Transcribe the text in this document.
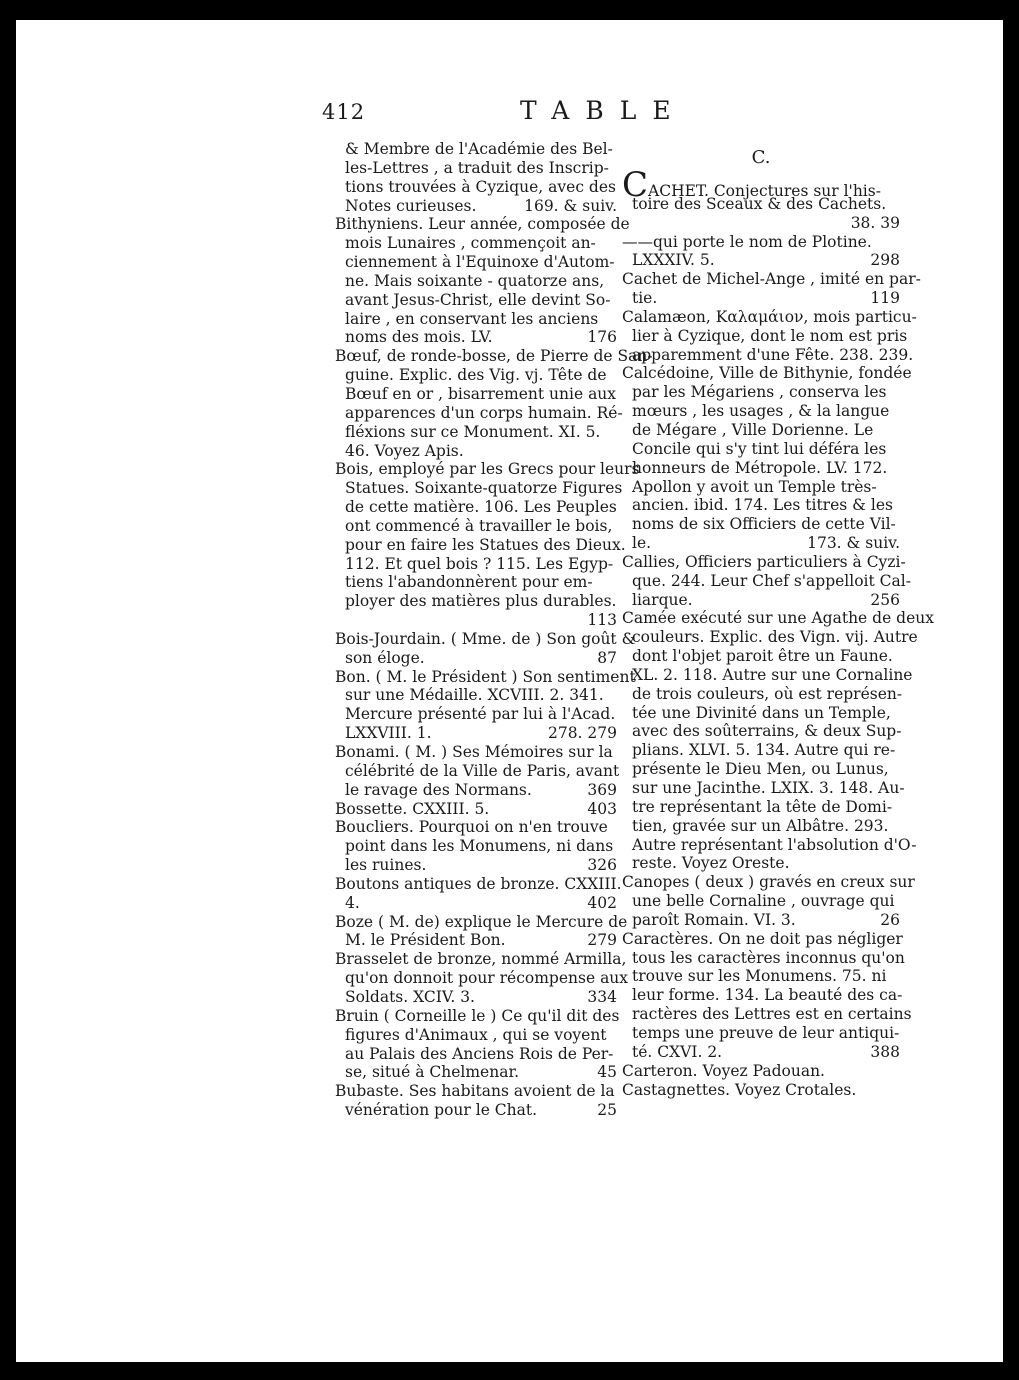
412	TABLE
& Membre de l'Académie des Bel-
les-Lettres , a traduit des Inscrip-
tions trouvées à Cyzique, avec des
Notes curieuses.	169. & suiv.
Bithyniens. Leur année, composée de
mois Lunaires , commençoit an-
ciennement à l'Equinoxe d'Autom-
ne. Mais soixante - quatorze ans,
avant Jesus-Christ, elle devint So-
laire , en conservant les anciens
noms des mois. LV.	176
Bœuf, de ronde-bosse, de Pierre de San-
guine. Explic. des Vig. vj. Tête de
Bœuf en or , bisarrement unie aux
apparences d'un corps humain. Ré-
fléxions sur ce Monument. XI. 5.
46. Voyez Apis.
Bois, employé par les Grecs pour leurs
Statues. Soixante-quatorze Figures
de cette matière. 106. Les Peuples
ont commencé à travailler le bois,
pour en faire les Statues des Dieux.
112. Et quel bois ? 115. Les Egyp-
tiens l'abandonnèrent pour em-
ployer des matières plus durables.
113
Bois-Jourdain. ( Mme. de ) Son goût &
son éloge.	87
Bon. ( M. le Président ) Son sentiment
sur une Médaille. XCVIII. 2. 341.
Mercure présenté par lui à l'Acad.
LXXVIII. 1.	278. 279
Bonami. ( M. ) Ses Mémoires sur la
célébrité de la Ville de Paris, avant
le ravage des Normans.	369
Bossette. CXXIII. 5.	403
Boucliers. Pourquoi on n'en trouve
point dans les Monumens, ni dans
les ruines.	326
Boutons antiques de bronze. CXXIII.
4.	402
Boze ( M. de) explique le Mercure de
M. le Président Bon.	279
Brasselet de bronze, nommé Armilla,
qu'on donnoit pour récompense aux
Soldats. XCIV. 3.	334
Bruin ( Corneille le ) Ce qu'il dit des
figures d'Animaux , qui se voyent
au Palais des Anciens Rois de Per-
se, situé à Chelmenar.	45
Bubaste. Ses habitans avoient de la
vénération pour le Chat.	25
C.
CACHET. Conjectures sur l'his-
toire des Sceaux & des Cachets.
38. 39
——qui porte le nom de Plotine.
LXXXIV. 5.	298
Cachet de Michel-Ange , imité en par-
tie.	119
Calamæon, Καλαμάιον, mois particu-
lier à Cyzique, dont le nom est pris
apparemment d'une Fête. 238. 239.
Calcédoine, Ville de Bithynie, fondée
par les Mégariens , conserva les
mœurs , les usages , & la langue
de Mégare , Ville Dorienne. Le
Concile qui s'y tint lui déféra les
honneurs de Métropole. LV. 172.
Apollon y avoit un Temple très-
ancien. ibid. 174. Les titres & les
noms de six Officiers de cette Vil-
le.	173. & suiv.
Callies, Officiers particuliers à Cyzi-
que. 244. Leur Chef s'appelloit Cal-
liarque.	256
Camée exécuté sur une Agathe de deux
couleurs. Explic. des Vign. vij. Autre
dont l'objet paroit être un Faune.
XL. 2. 118. Autre sur une Cornaline
de trois couleurs, où est représen-
tée une Divinité dans un Temple,
avec des soûterrains, & deux Sup-
plians. XLVI. 5. 134. Autre qui re-
présente le Dieu Men, ou Lunus,
sur une Jacinthe. LXIX. 3. 148. Au-
tre représentant la tête de Domi-
tien, gravée sur un Albâtre. 293.
Autre représentant l'absolution d'O-
reste. Voyez Oreste.
Canopes ( deux ) gravés en creux sur
une belle Cornaline , ouvrage qui
paroît Romain. VI. 3.	26
Caractères. On ne doit pas négliger
tous les caractères inconnus qu'on
trouve sur les Monumens. 75. ni
leur forme. 134. La beauté des ca-
ractères des Lettres est en certains
temps une preuve de leur antiqui-
té. CXVI. 2.	388
Carteron. Voyez Padouan.
Castagnettes. Voyez Crotales.
